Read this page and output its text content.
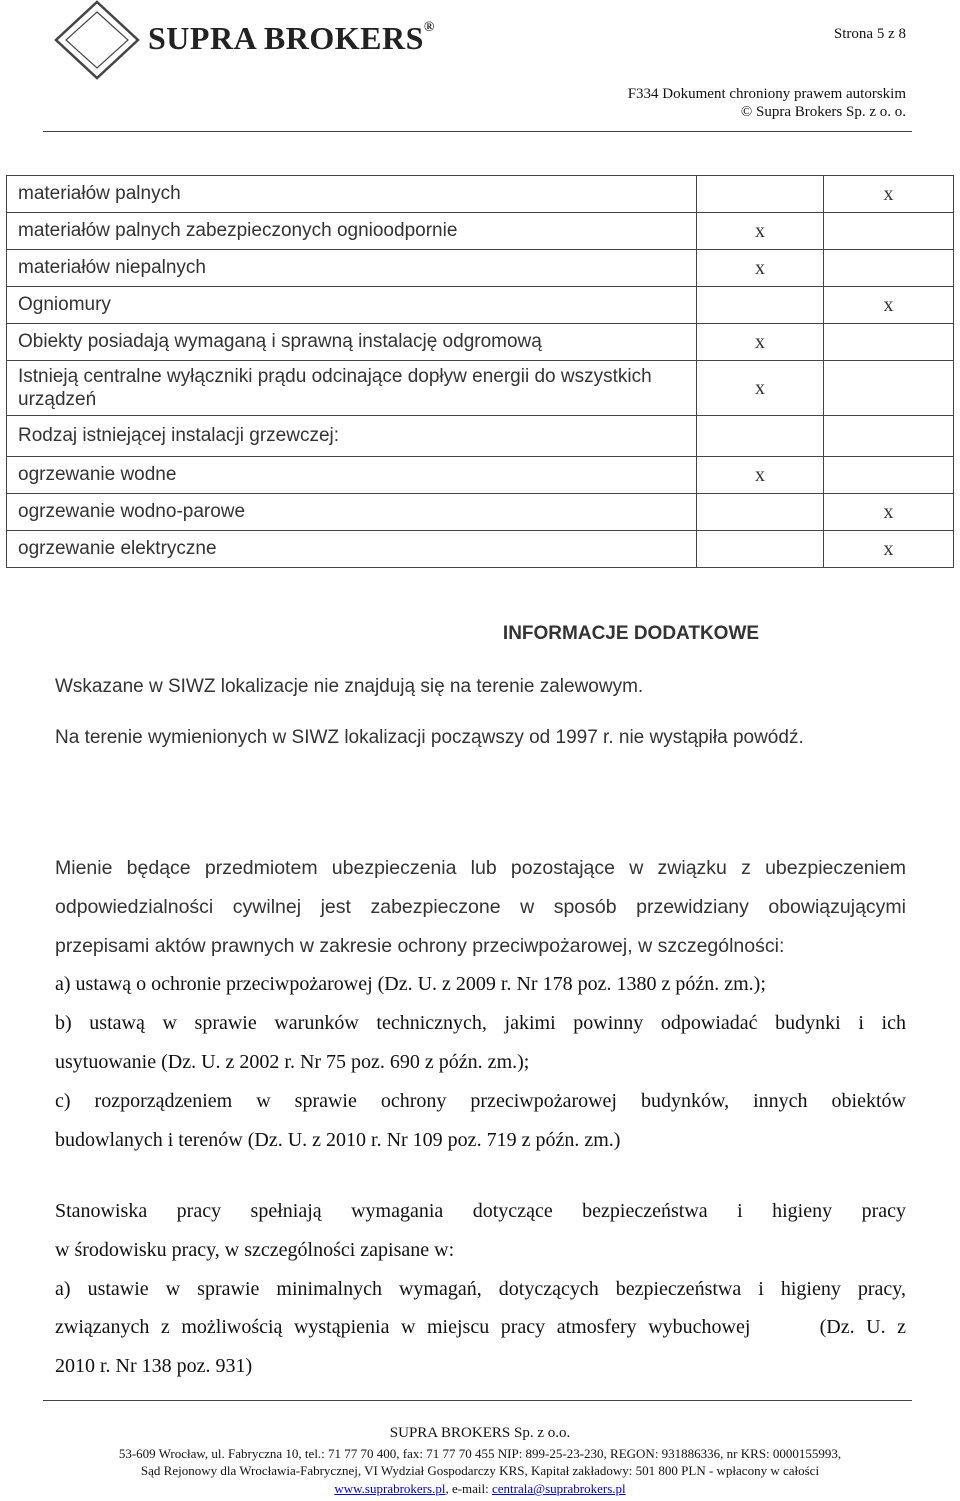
SUPRA BROKERS®	Strona 5 z 8
F334 Dokument chroniony prawem autorskim
© Supra Brokers Sp. z o. o.
materiałów palnych		x
materiałów palnych zabezpieczonych ognioodpornie	x	
materiałów niepalnych	x	
Ogniomury		x
Obiekty posiadają wymaganą i sprawną instalację odgromową	x	
Istnieją centralne wyłączniki prądu odcinające dopływ energii do wszystkich urządzeń	x	
Rodzaj istniejącej instalacji grzewczej:		
ogrzewanie wodne	x	
ogrzewanie wodno-parowe		x
ogrzewanie elektryczne		x
INFORMACJE DODATKOWE
Wskazane w SIWZ lokalizacje nie znajdują się na terenie zalewowym.
Na terenie wymienionych w SIWZ lokalizacji począwszy od 1997 r. nie wystąpiła powódź.

Mienie będące przedmiotem ubezpieczenia lub pozostające w związku z ubezpieczeniem

odpowiedzialności cywilnej jest zabezpieczone w sposób przewidziany obowiązującymi

przepisami aktów prawnych w zakresie ochrony przeciwpożarowej, w szczególności:

a) ustawą o ochronie przeciwpożarowej (Dz. U. z 2009 r. Nr 178 poz. 1380 z późn. zm.);

b) ustawą w sprawie warunków technicznych, jakimi powinny odpowiadać budynki i ich

usytuowanie (Dz. U. z 2002 r. Nr 75 poz. 690 z późn. zm.);

c) rozporządzeniem w sprawie ochrony przeciwpożarowej budynków, innych obiektów

budowlanych i terenów (Dz. U. z 2010 r. Nr 109 poz. 719 z późn. zm.)

Stanowiska pracy spełniają wymagania dotyczące bezpieczeństwa i higieny pracy

w środowisku pracy, w szczególności zapisane w:

a) ustawie w sprawie minimalnych wymagań, dotyczących bezpieczeństwa i higieny pracy,

związanych z możliwością wystąpienia w miejscu pracy atmosfery wybuchowej      (Dz. U. z

2010 r. Nr 138 poz. 931)

SUPRA BROKERS Sp. z o.o.
53-609 Wrocław, ul. Fabryczna 10, tel.: 71 77 70 400, fax: 71 77 70 455 NIP: 899-25-23-230, REGON: 931886336, nr KRS: 0000155993,
Sąd Rejonowy dla Wrocławia-Fabrycznej, VI Wydział Gospodarczy KRS, Kapitał zakładowy: 501 800 PLN - wpłacony w całości
www.suprabrokers.pl, e-mail: centrala@suprabrokers.pl
